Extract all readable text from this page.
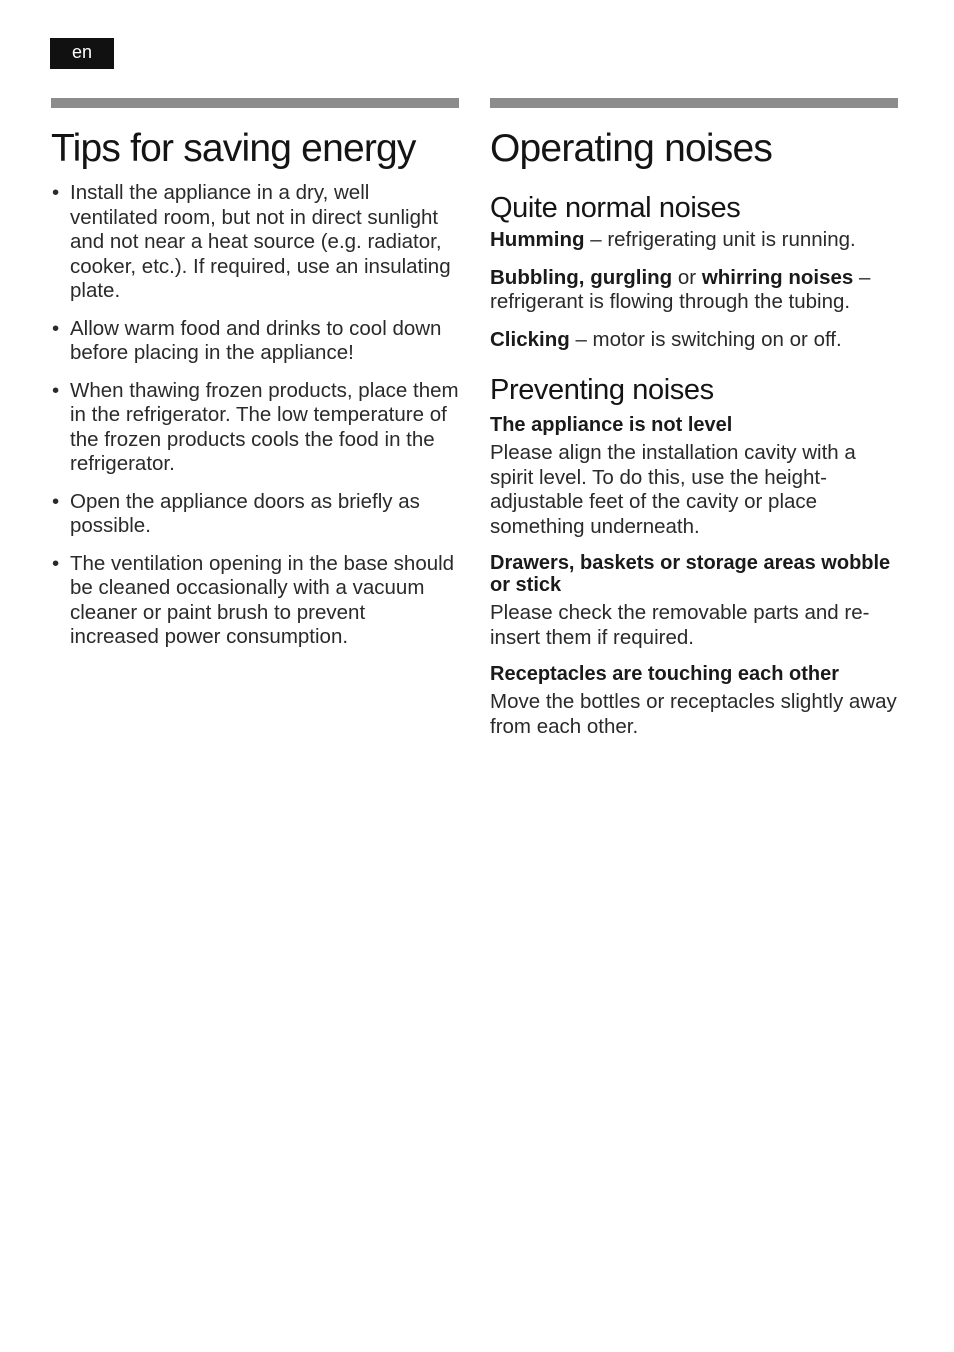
en
Tips for saving energy
• Install the appliance in a dry, well ventilated room, but not in direct sunlight and not near a heat source (e.g. radiator, cooker, etc.). If required, use an insulating plate.
• Allow warm food and drinks to cool down before placing in the appliance!
• When thawing frozen products, place them in the refrigerator. The low temperature of the frozen products cools the food in the refrigerator.
• Open the appliance doors as briefly as possible.
• The ventilation opening in the base should be cleaned occasionally with a vacuum cleaner or paint brush to prevent increased power consumption.
Operating noises
Quite normal noises

Humming – refrigerating unit is running.

Bubbling, gurgling or whirring noises – refrigerant is flowing through the tubing.

Clicking – motor is switching on or off.

Preventing noises
The appliance is not level

Please align the installation cavity with a spirit level. To do this, use the height-adjustable feet of the cavity or place something underneath.

Drawers, baskets or storage areas wobble or stick

Please check the removable parts and re-insert them if required.

Receptacles are touching each other

Move the bottles or receptacles slightly away from each other.
